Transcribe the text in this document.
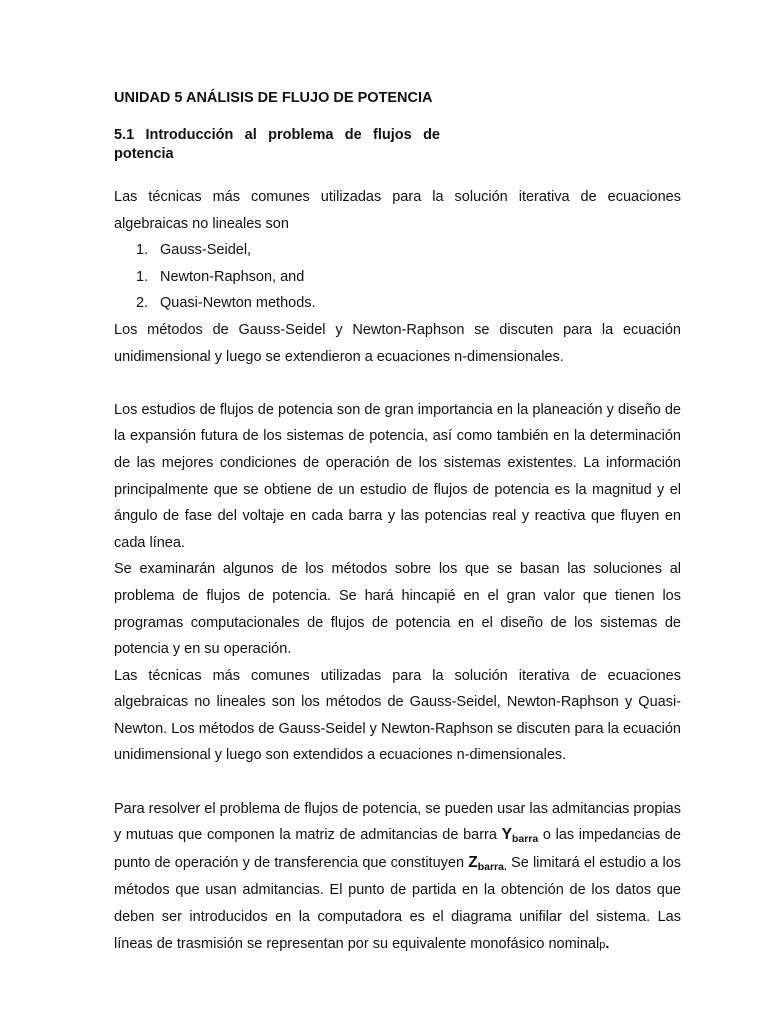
UNIDAD 5 ANÁLISIS DE FLUJO DE POTENCIA
5.1 Introducción al problema de flujos de
potencia

Las técnicas más comunes utilizadas para la solución iterativa de ecuaciones algebraicas no lineales son

1. Gauss-Seidel,
1. Newton-Raphson, and
2. Quasi-Newton methods.

Los métodos de Gauss-Seidel y Newton-Raphson se discuten para la ecuación unidimensional y luego se extendieron a ecuaciones n-dimensionales.

Los estudios de flujos de potencia son de gran importancia en la planeación y diseño de la expansión futura de los sistemas de potencia, así como también en la determinación de las mejores condiciones de operación de los sistemas existentes. La información principalmente que se obtiene de un estudio de flujos de potencia es la magnitud y el ángulo de fase del voltaje en cada barra y las potencias real y reactiva que fluyen en cada línea.

Se examinarán algunos de los métodos sobre los que se basan las soluciones al problema de flujos de potencia. Se hará hincapié en el gran valor que tienen los programas computacionales de flujos de potencia en el diseño de los sistemas de potencia y en su operación.

Las técnicas más comunes utilizadas para la solución iterativa de ecuaciones algebraicas no lineales son los métodos de Gauss-Seidel, Newton-Raphson y Quasi-Newton. Los métodos de Gauss-Seidel y Newton-Raphson se discuten para la ecuación unidimensional y luego son extendidos a ecuaciones n-dimensionales.

Para resolver el problema de flujos de potencia, se pueden usar las admitancias propias y mutuas que componen la matriz de admitancias de barra $Y_{barra}$ o las impedancias de punto de operación y de transferencia que constituyen $Z_{barra.}$ Se limitará el estudio a los métodos que usan admitancias. El punto de partida en la obtención de los datos que deben ser introducidos en la computadora es el diagrama unifilar del sistema. Las líneas de trasmisión se representan por su equivalente monofásico nominalp.
